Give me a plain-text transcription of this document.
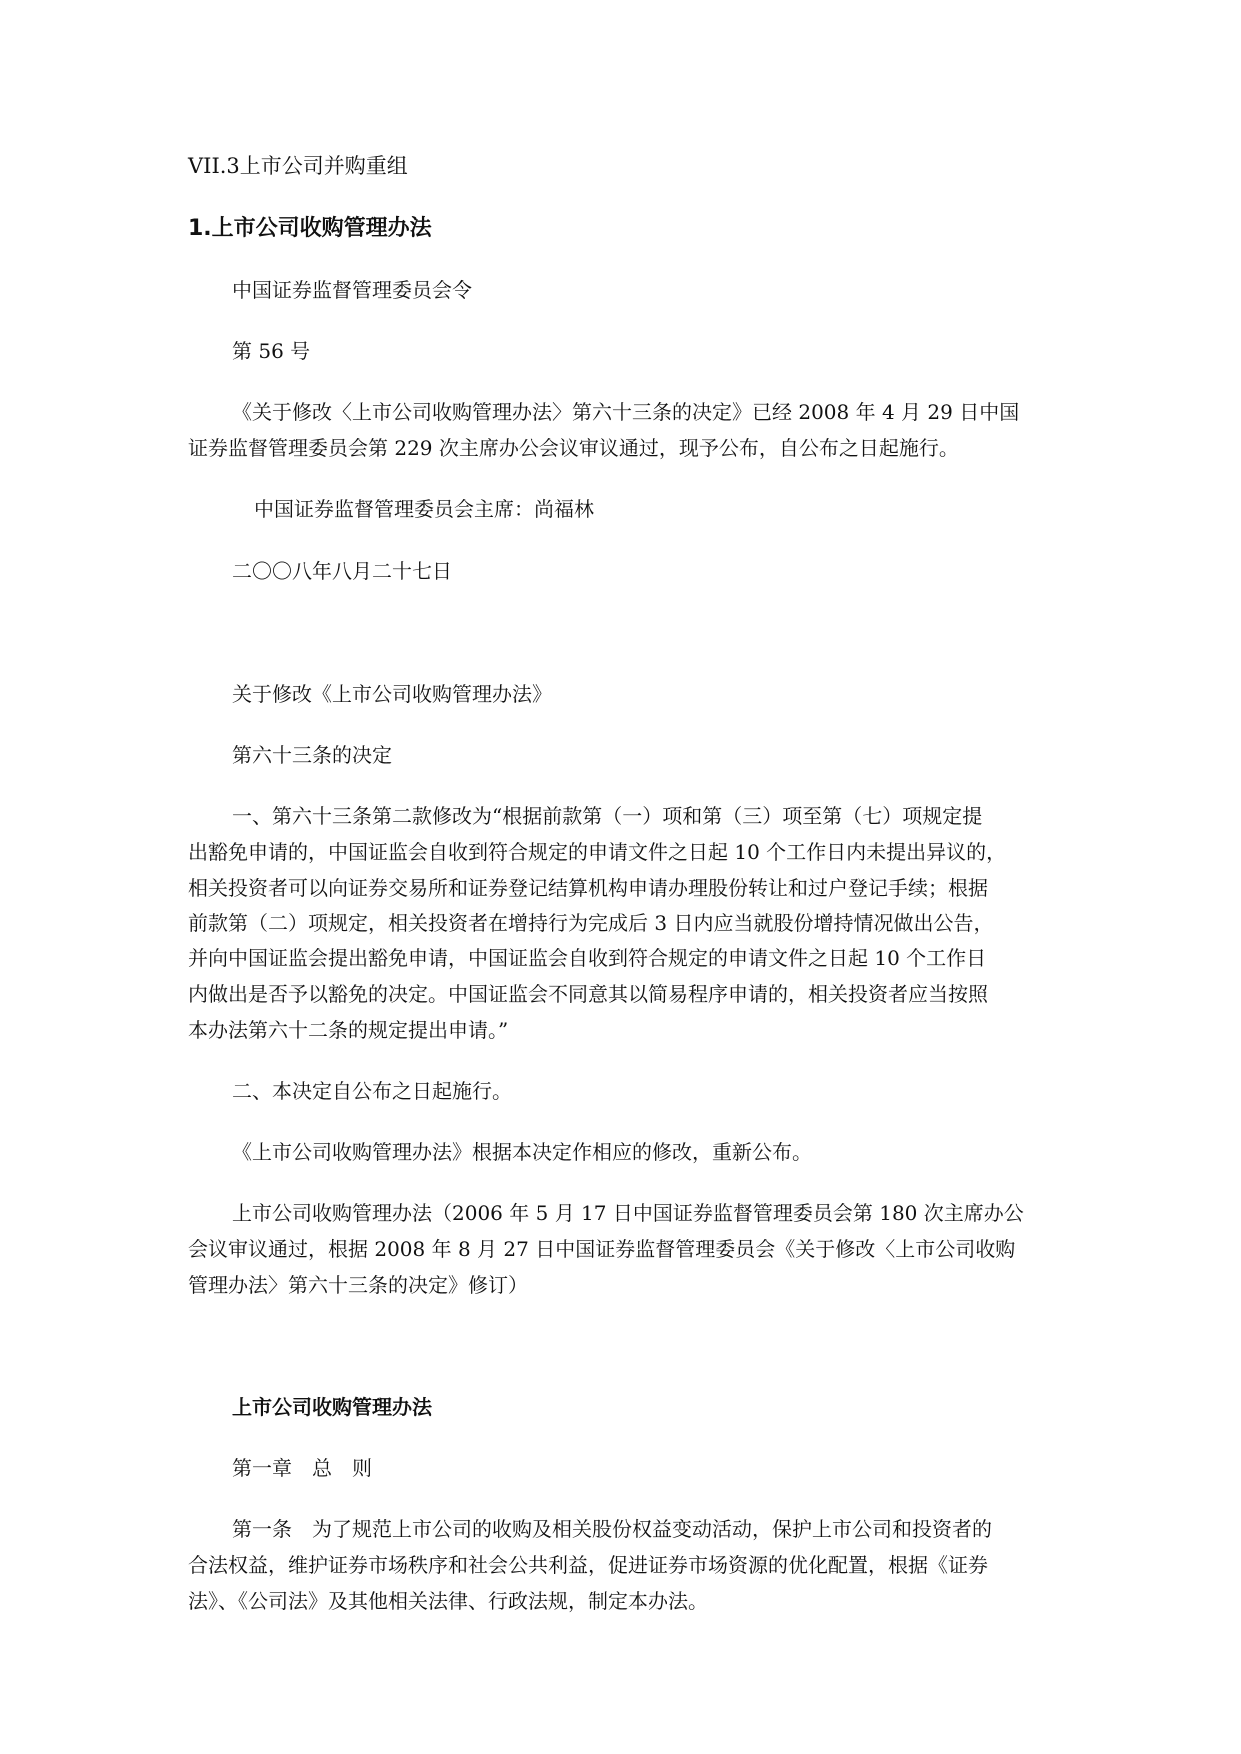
VII.3上市公司并购重组
1.上市公司收购管理办法
中国证券监督管理委员会令
第 56 号
《关于修改〈上市公司收购管理办法〉第六十三条的决定》已经 2008 年 4 月 29 日中国
证券监督管理委员会第 229 次主席办公会议审议通过，现予公布，自公布之日起施行。
中国证券监督管理委员会主席：尚福林
二〇〇八年八月二十七日
关于修改《上市公司收购管理办法》
第六十三条的决定
一、第六十三条第二款修改为“根据前款第（一）项和第（三）项至第（七）项规定提
出豁免申请的，中国证监会自收到符合规定的申请文件之日起 10 个工作日内未提出异议的，
相关投资者可以向证券交易所和证券登记结算机构申请办理股份转让和过户登记手续；根据
前款第（二）项规定，相关投资者在增持行为完成后 3 日内应当就股份增持情况做出公告，
并向中国证监会提出豁免申请，中国证监会自收到符合规定的申请文件之日起 10 个工作日
内做出是否予以豁免的决定。中国证监会不同意其以简易程序申请的，相关投资者应当按照
本办法第六十二条的规定提出申请。”
二、本决定自公布之日起施行。
《上市公司收购管理办法》根据本决定作相应的修改，重新公布。
上市公司收购管理办法（2006 年 5 月 17 日中国证券监督管理委员会第 180 次主席办公
会议审议通过，根据 2008 年 8 月 27 日中国证券监督管理委员会《关于修改〈上市公司收购
管理办法〉第六十三条的决定》修订）
上市公司收购管理办法
第一章　总　则
第一条　为了规范上市公司的收购及相关股份权益变动活动，保护上市公司和投资者的
合法权益，维护证券市场秩序和社会公共利益，促进证券市场资源的优化配置，根据《证券
法》、《公司法》及其他相关法律、行政法规，制定本办法。
